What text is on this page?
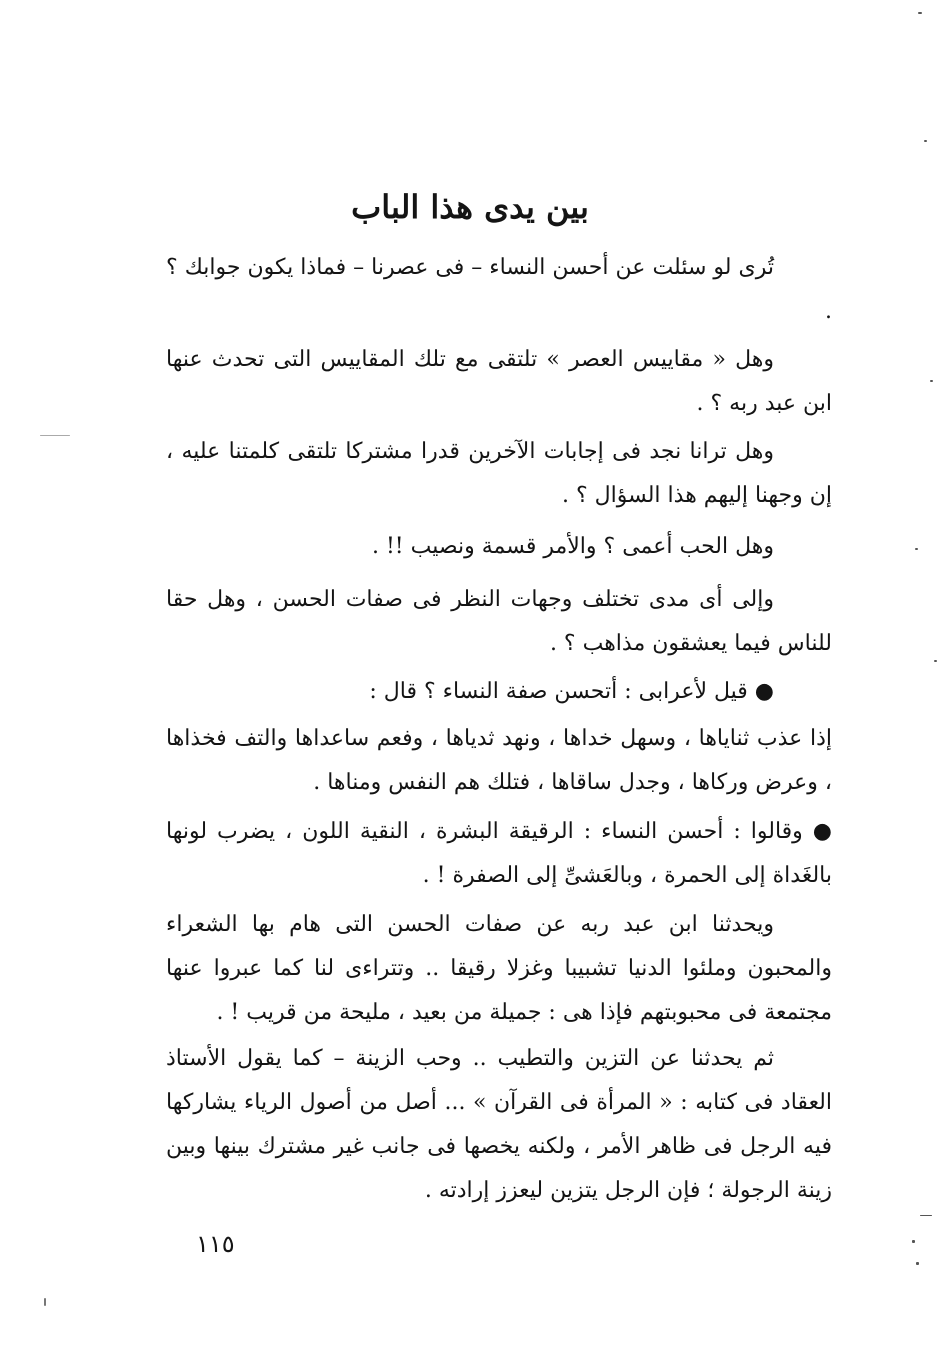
بين يدى هذا الباب

تُرى لو سئلت عن أحسن النساء – فى عصرنا – فماذا يكون جوابك ؟ .

وهل « مقاييس العصر » تلتقى مع تلك المقاييس التى تحدث عنها ابن عبد ربه ؟ .

وهل ترانا نجد فى إجابات الآخرين قدرا مشتركا تلتقى كلمتنا عليه ، إن وجهنا إليهم هذا السؤال ؟ .

وهل الحب أعمى ؟ والأمر قسمة ونصيب !! .

وإلى أى مدى تختلف وجهات النظر فى صفات الحسن ، وهل حقا للناس فيما يعشقون مذاهب ؟ .

● قيل لأعرابى : أتحسن صفة النساء ؟ قال :

إذا عذب ثناياها ، وسهل خداها ، ونهد ثدياها ، وفعم ساعداها والتف فخذاها ، وعرض وركاها ، وجدل ساقاها ، فتلك هم النفس ومناها .

● وقالوا : أحسن النساء : الرقيقة البشرة ، النقية اللون ، يضرب لونها بالغَداة إلى الحمرة ، وبالعَشىِّ إلى الصفرة ! .

ويحدثنا ابن عبد ربه عن صفات الحسن التى هام بها الشعراء والمحبون وملئوا الدنيا تشبيبا وغزلا رقيقا .. وتتراءى لنا كما عبروا عنها مجتمعة فى محبوبتهم فإذا هى : جميلة من بعيد ، مليحة من قريب ! .

ثم يحدثنا عن التزين والتطيب .. وحب الزينة – كما يقول الأستاذ العقاد فى كتابه : « المرأة فى القرآن » ... أصل من أصول الرياء يشاركها فيه الرجل فى ظاهر الأمر ، ولكنه يخصها فى جانب غير مشترك بينها وبين زينة الرجولة ؛ فإن الرجل يتزين ليعزز إرادته .

١١٥
